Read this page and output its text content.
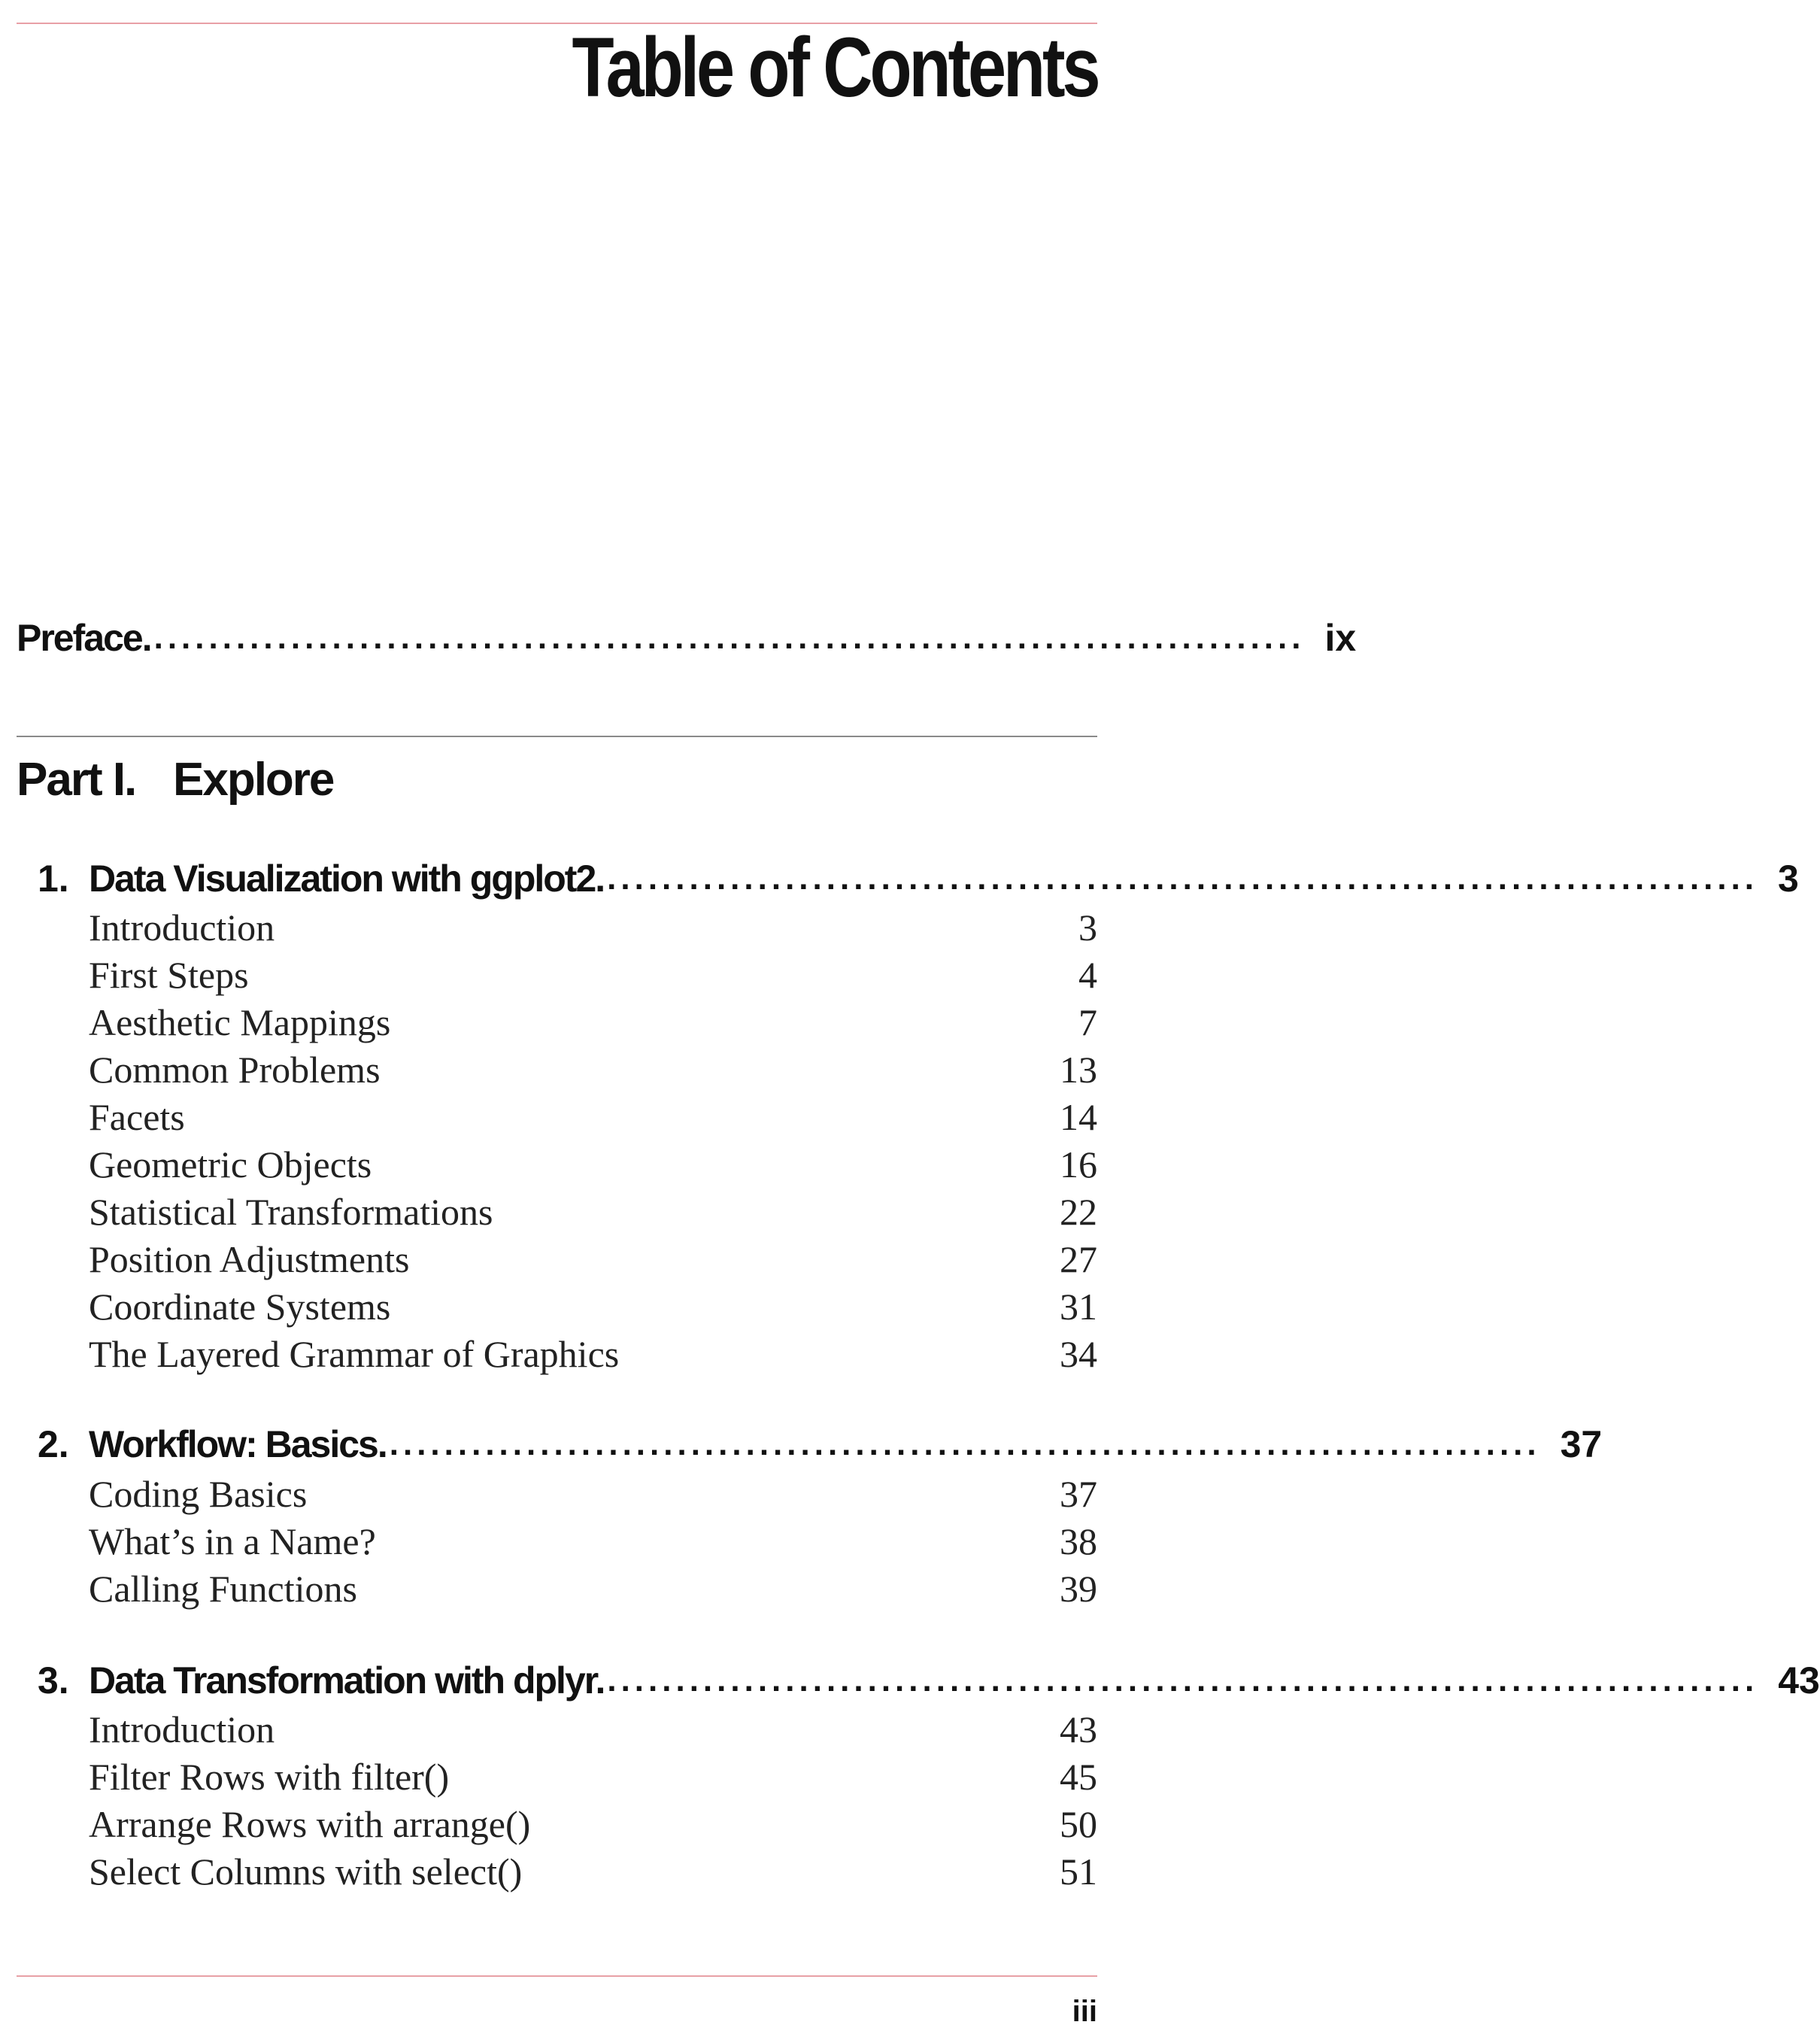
Table of Contents
Preface. .................................................................................... ix
Part I. Explore
1. Data Visualization with ggplot2. .................................................................................... 3
Introduction	3
First Steps	4
Aesthetic Mappings	7
Common Problems	13
Facets	14
Geometric Objects	16
Statistical Transformations	22
Position Adjustments	27
Coordinate Systems	31
The Layered Grammar of Graphics	34
2. Workflow: Basics. .................................................................................... 37
Coding Basics	37
What’s in a Name?	38
Calling Functions	39
3. Data Transformation with dplyr. .................................................................................... 43
Introduction	43
Filter Rows with filter()	45
Arrange Rows with arrange()	50
Select Columns with select()	51
iii
